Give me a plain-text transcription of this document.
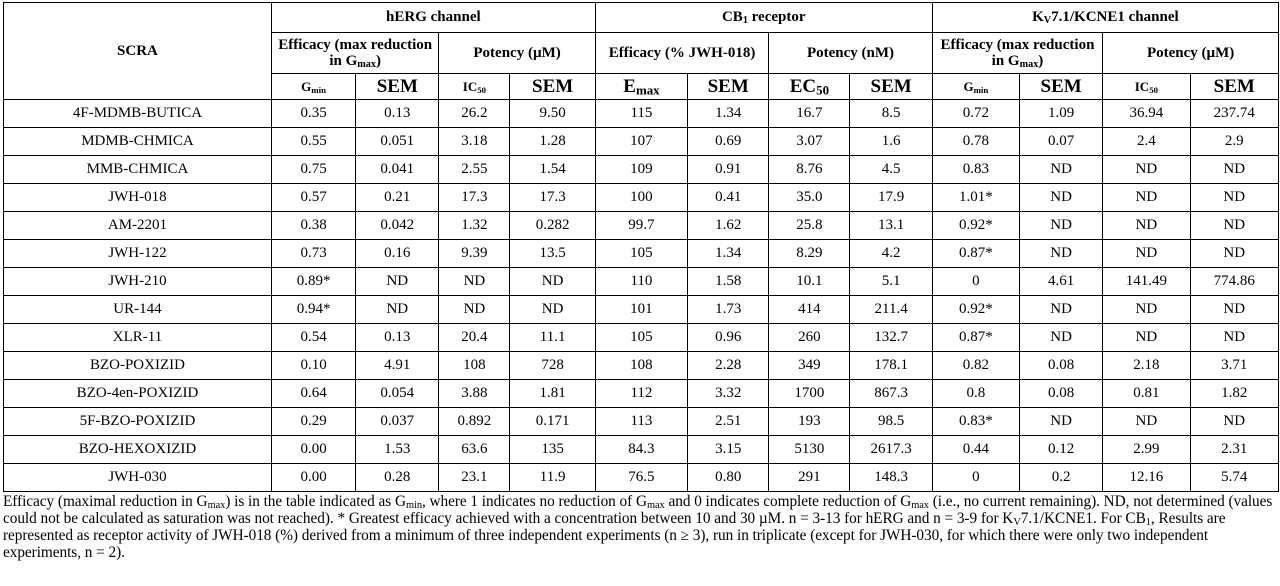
SCRA	hERG channel				$CB_1$ receptor				$K_V7.1/KCNE1$ channel			
	Efficacy (max reduction in $G_{max}$)		Potency (µM)		Efficacy (% JWH-018)		Potency (nM)		Efficacy (max reduction in $G_{max}$)		Potency (µM)	
	$G_{min}$	SEM	$IC_{50}$	SEM	$E_{max}$	SEM	$EC_{50}$	SEM	$G_{min}$	SEM	$IC_{50}$	SEM
4F-MDMB-BUTICA	0.35	0.13	26.2	9.50	115	1.34	16.7	8.5	0.72	1.09	36.94	237.74
MDMB-CHMICA	0.55	0.051	3.18	1.28	107	0.69	3.07	1.6	0.78	0.07	2.4	2.9
MMB-CHMICA	0.75	0.041	2.55	1.54	109	0.91	8.76	4.5	0.83	ND	ND	ND
JWH-018	0.57	0.21	17.3	17.3	100	0.41	35.0	17.9	1.01*	ND	ND	ND
AM-2201	0.38	0.042	1.32	0.282	99.7	1.62	25.8	13.1	0.92*	ND	ND	ND
JWH-122	0.73	0.16	9.39	13.5	105	1.34	8.29	4.2	0.87*	ND	ND	ND
JWH-210	0.89*	ND	ND	ND	110	1.58	10.1	5.1	0	4.61	141.49	774.86
UR-144	0.94*	ND	ND	ND	101	1.73	414	211.4	0.92*	ND	ND	ND
XLR-11	0.54	0.13	20.4	11.1	105	0.96	260	132.7	0.87*	ND	ND	ND
BZO-POXIZID	0.10	4.91	108	728	108	2.28	349	178.1	0.82	0.08	2.18	3.71
BZO-4en-POXIZID	0.64	0.054	3.88	1.81	112	3.32	1700	867.3	0.8	0.08	0.81	1.82
5F-BZO-POXIZID	0.29	0.037	0.892	0.171	113	2.51	193	98.5	0.83*	ND	ND	ND
BZO-HEXOXIZID	0.00	1.53	63.6	135	84.3	3.15	5130	2617.3	0.44	0.12	2.99	2.31
JWH-030	0.00	0.28	23.1	11.9	76.5	0.80	291	148.3	0	0.2	12.16	5.74
Efficacy (maximal reduction in $G_{max}$) is in the table indicated as $G_{min}$, where 1 indicates no reduction of $G_{max}$ and 0 indicates complete reduction of $G_{max}$ (i.e., no current remaining). ND, not determined (values could not be calculated as saturation was not reached). * Greatest efficacy achieved with a concentration between 10 and 30 µM. n = 3-13 for hERG and n = 3-9 for $K_V7.1/KCNE1$. For $CB_1$, Results are represented as receptor activity of JWH-018 (%) derived from a minimum of three independent experiments (n ≥ 3), run in triplicate (except for JWH-030, for which there were only two independent experiments, n = 2).
